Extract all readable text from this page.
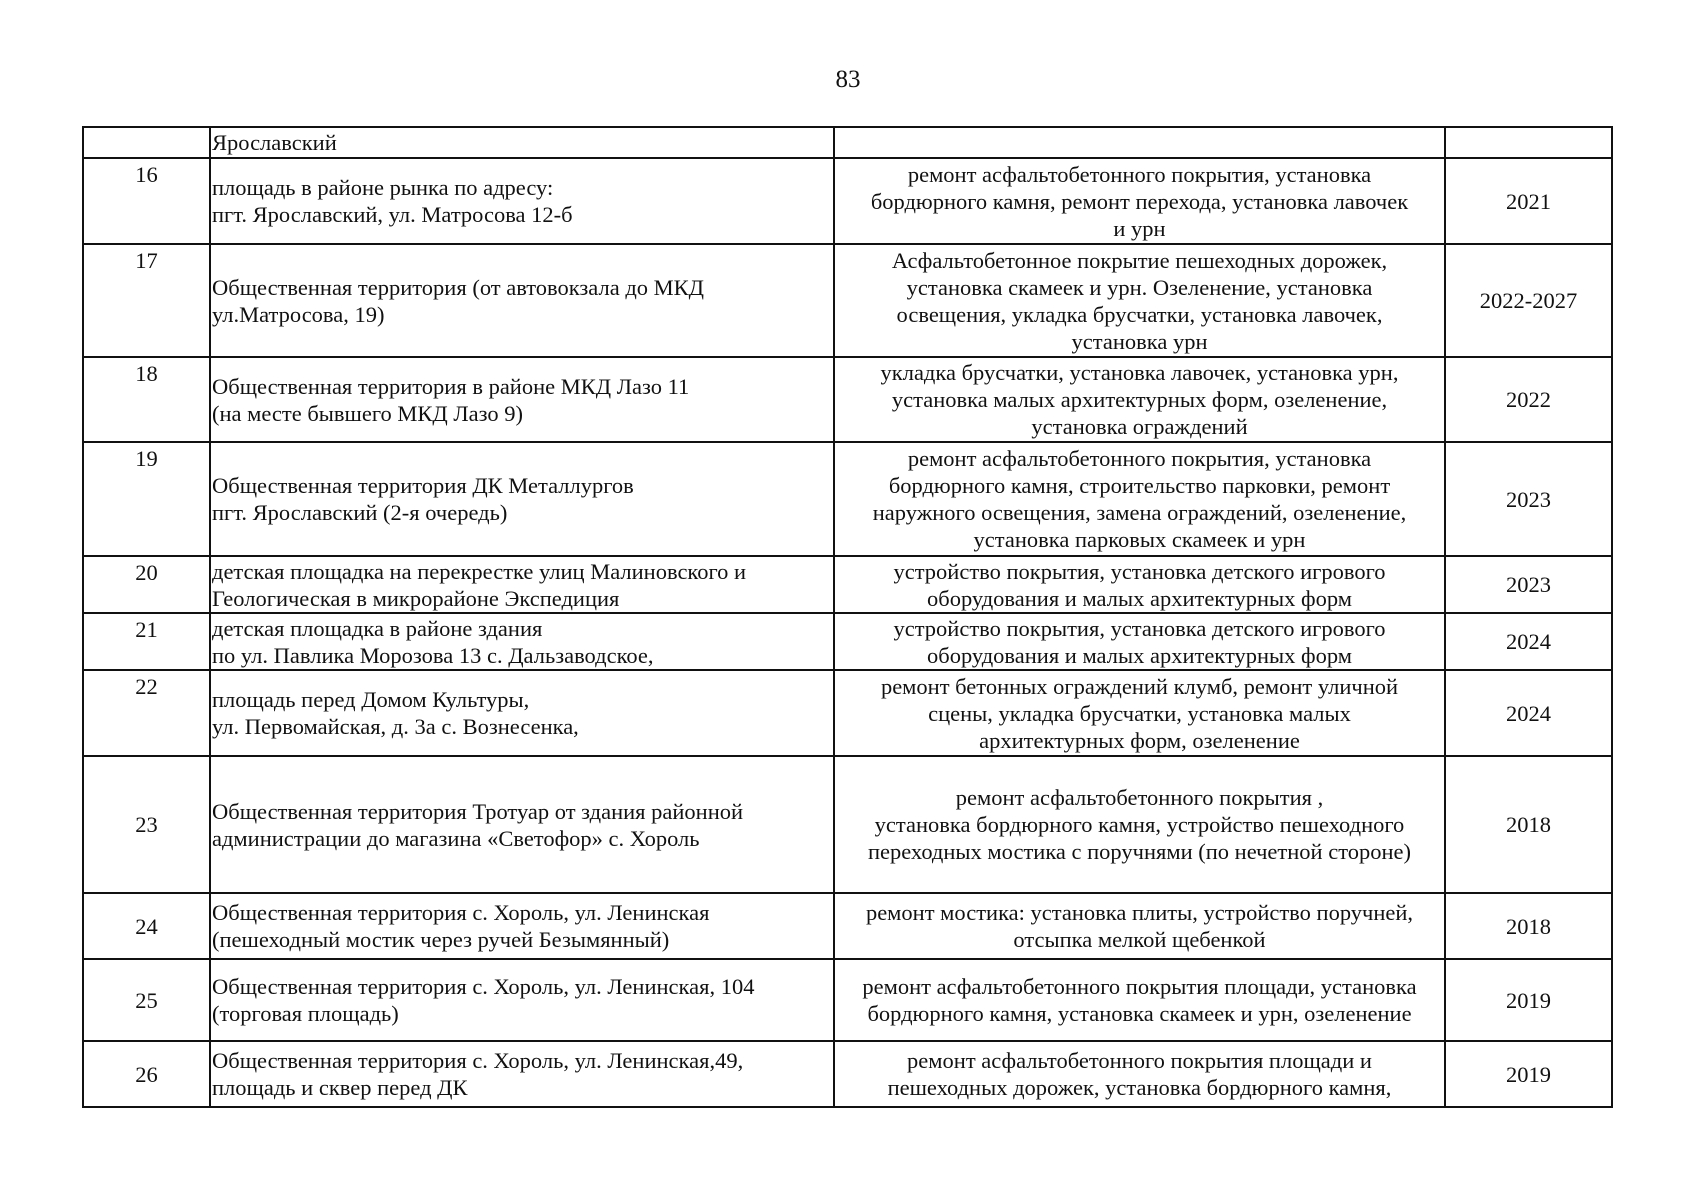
83

	Ярославский		

16	площадь в районе рынка по адресу:
пгт. Ярославский, ул. Матросова 12-б	ремонт асфальтобетонного покрытия, установка
бордюрного камня, ремонт перехода, установка лавочек
и урн	2021
17	Общественная территория (от автовокзала до МКД
ул.Матросова, 19)	Асфальтобетонное покрытие пешеходных дорожек,
установка скамеек и урн. Озеленение, установка
освещения, укладка брусчатки, установка лавочек,
установка урн	2022-2027
18	Общественная территория в районе МКД Лазо 11
(на месте бывшего МКД Лазо 9)	укладка брусчатки, установка лавочек, установка урн,
установка малых архитектурных форм, озеленение,
установка ограждений	2022
19	Общественная территория ДК Металлургов
пгт. Ярославский (2-я очередь)	ремонт асфальтобетонного покрытия, установка
бордюрного камня, строительство парковки, ремонт
наружного освещения, замена ограждений, озеленение,
установка парковых скамеек и урн	2023
20	детская площадка на перекрестке улиц Малиновского и
Геологическая в микрорайоне Экспедиция	устройство покрытия, установка детского игрового
оборудования и малых архитектурных форм	2023
21	детская площадка в районе здания
по ул. Павлика Морозова 13 с. Дальзаводское,	устройство покрытия, установка детского игрового
оборудования и малых архитектурных форм	2024
22	площадь перед Домом Культуры,
ул. Первомайская, д. 3а с. Вознесенка,	ремонт бетонных ограждений клумб, ремонт уличной
сцены, укладка брусчатки, установка малых
архитектурных форм, озеленение	2024
23	Общественная территория Тротуар от здания районной
администрации до магазина «Светофор» с. Хороль	ремонт асфальтобетонного покрытия ,
установка бордюрного камня, устройство пешеходного
переходных мостика с поручнями (по нечетной стороне)	2018
24	Общественная территория с. Хороль, ул. Ленинская
(пешеходный мостик через ручей Безымянный)	ремонт мостика: установка плиты, устройство поручней,
отсыпка мелкой щебенкой	2018
25	Общественная территория с. Хороль, ул. Ленинская, 104
(торговая площадь)	ремонт асфальтобетонного покрытия площади, установка
бордюрного камня, установка скамеек и урн, озеленение	2019
26	Общественная территория с. Хороль, ул. Ленинская,49,
площадь и сквер перед ДК	ремонт асфальтобетонного покрытия площади и
пешеходных дорожек, установка бордюрного камня,	2019
